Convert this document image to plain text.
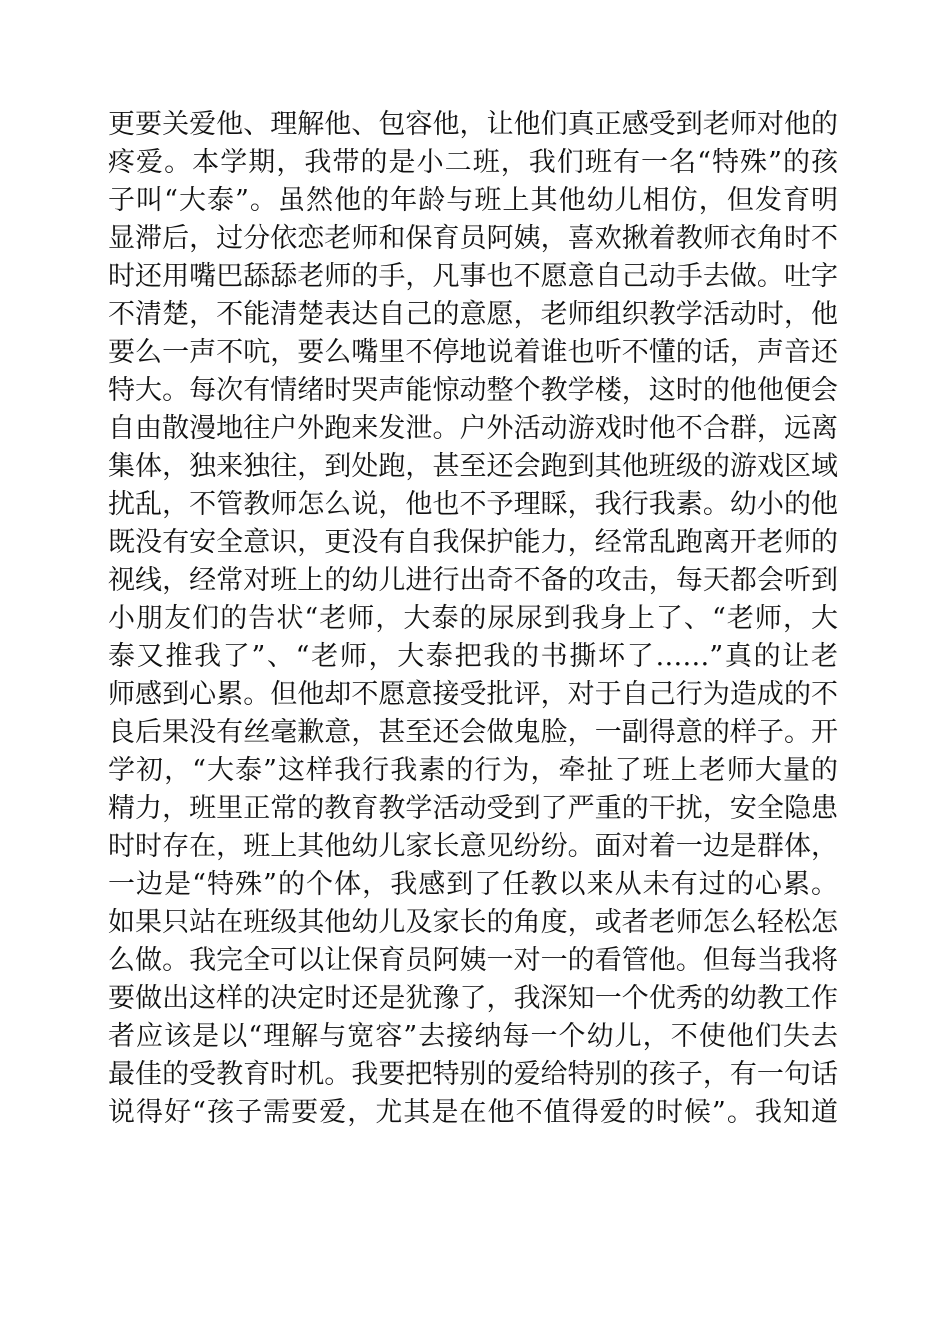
更要关爱他、理解他、包容他，让他们真正感受到老师对他的
疼爱。本学期，我带的是小二班，我们班有一名“特殊”的孩
子叫“大泰”。虽然他的年龄与班上其他幼儿相仿，但发育明
显滞后，过分依恋老师和保育员阿姨，喜欢揪着教师衣角时不
时还用嘴巴舔舔老师的手，凡事也不愿意自己动手去做。吐字
不清楚，不能清楚表达自己的意愿，老师组织教学活动时，他
要么一声不吭，要么嘴里不停地说着谁也听不懂的话，声音还
特大。每次有情绪时哭声能惊动整个教学楼，这时的他他便会
自由散漫地往户外跑来发泄。户外活动游戏时他不合群，远离
集体，独来独往，到处跑，甚至还会跑到其他班级的游戏区域
扰乱，不管教师怎么说，他也不予理睬，我行我素。幼小的他
既没有安全意识，更没有自我保护能力，经常乱跑离开老师的
视线，经常对班上的幼儿进行出奇不备的攻击，每天都会听到
小朋友们的告状“老师，大泰的尿尿到我身上了、“老师，大
泰又推我了”、“老师，大泰把我的书撕坏了……”真的让老
师感到心累。但他却不愿意接受批评，对于自己行为造成的不
良后果没有丝毫歉意，甚至还会做鬼脸，一副得意的样子。开
学初，“大泰”这样我行我素的行为，牵扯了班上老师大量的
精力，班里正常的教育教学活动受到了严重的干扰，安全隐患
时时存在，班上其他幼儿家长意见纷纷。面对着一边是群体，
一边是“特殊”的个体，我感到了任教以来从未有过的心累。
如果只站在班级其他幼儿及家长的角度，或者老师怎么轻松怎
么做。我完全可以让保育员阿姨一对一的看管他。但每当我将
要做出这样的决定时还是犹豫了，我深知一个优秀的幼教工作
者应该是以“理解与宽容”去接纳每一个幼儿，不使他们失去
最佳的受教育时机。我要把特别的爱给特别的孩子，有一句话
说得好“孩子需要爱，尤其是在他不值得爱的时候”。我知道
